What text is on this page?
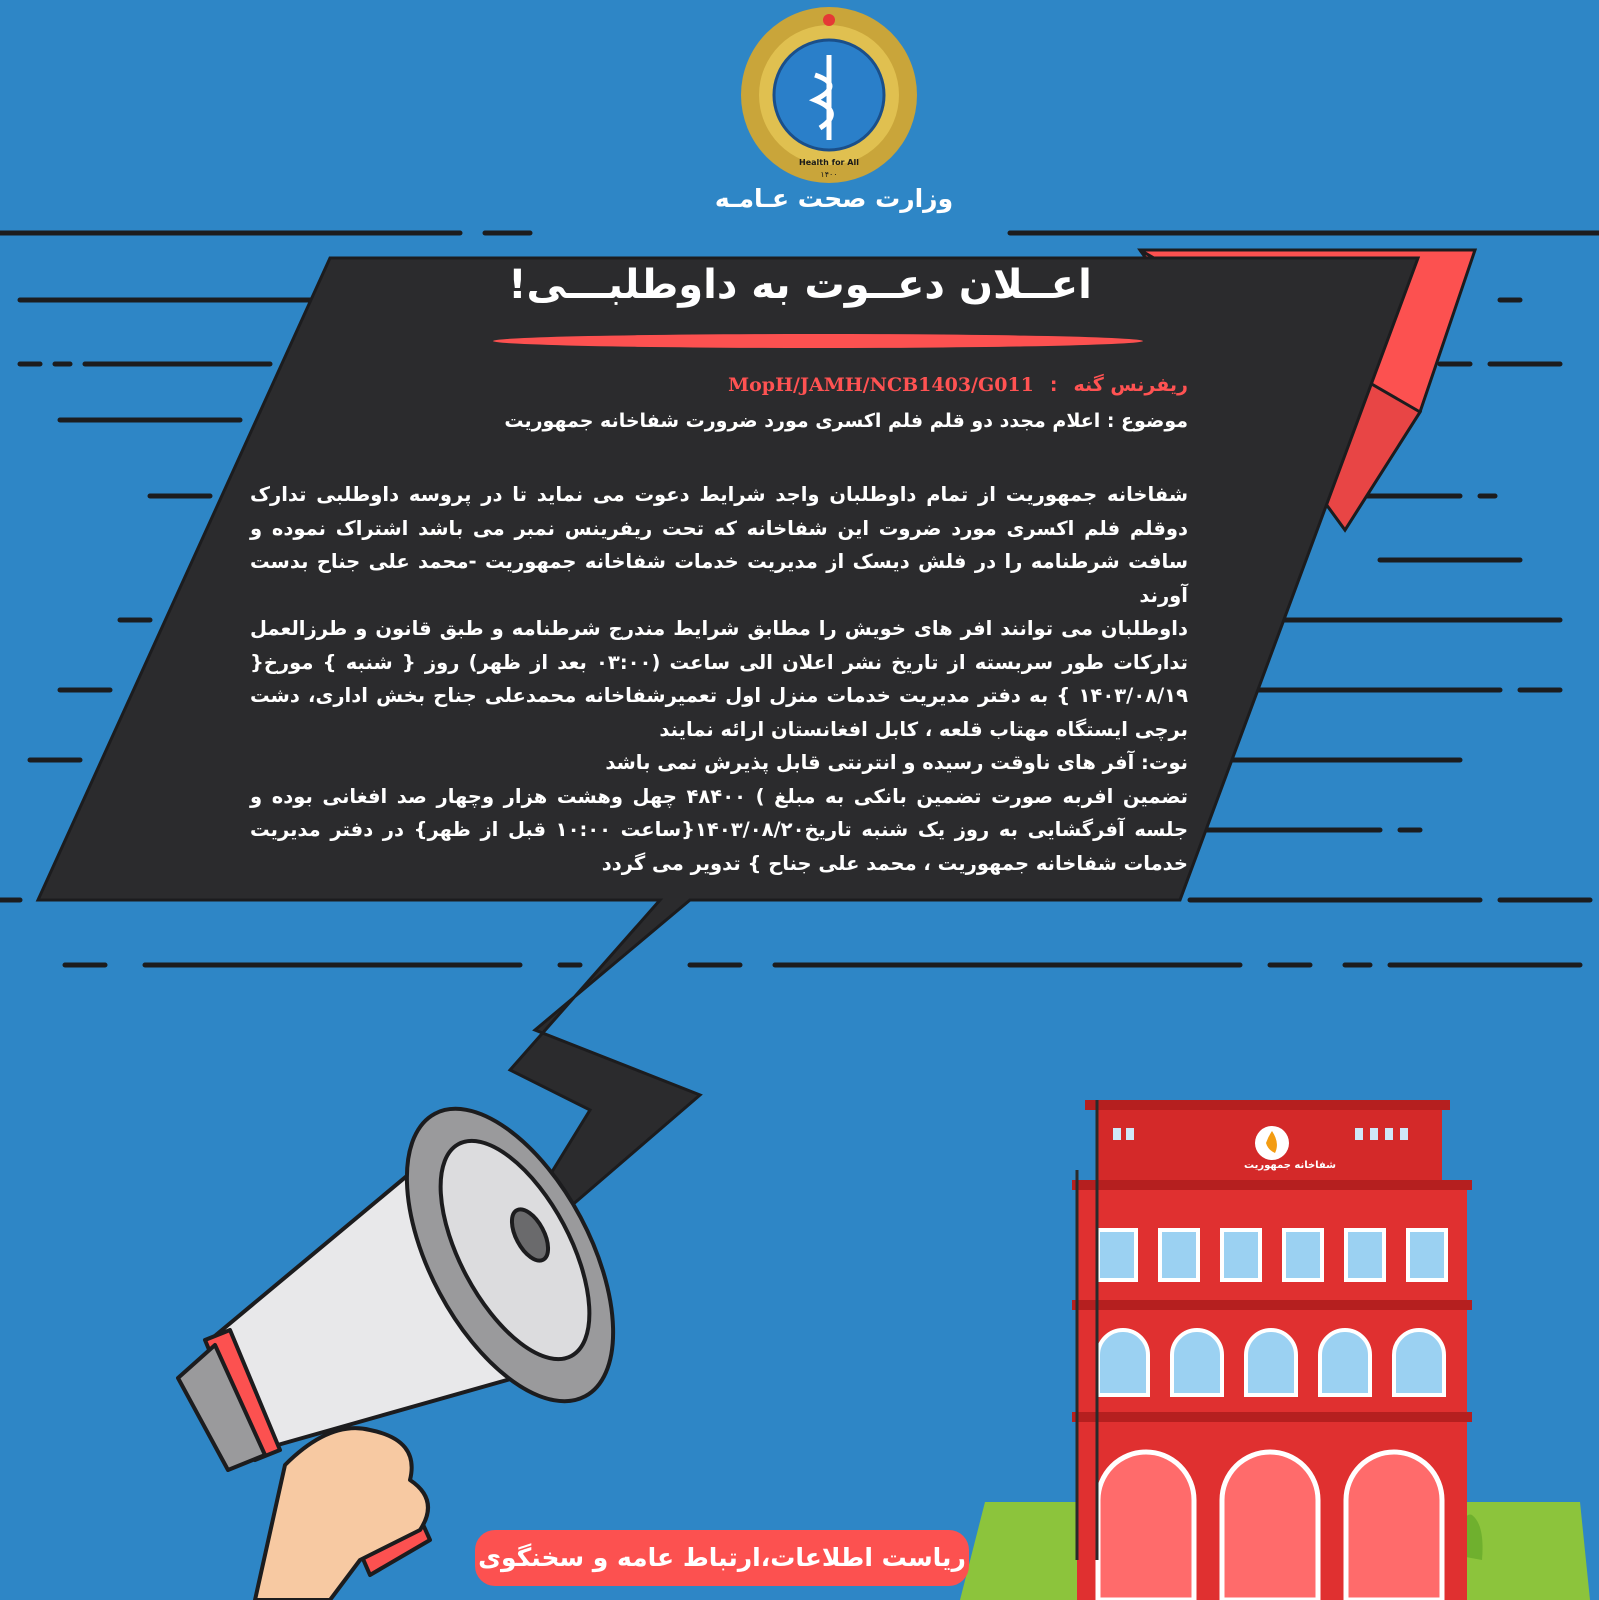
Health for All
۱۴۰۰
وزارت صحت عـامـه
اعــلان دعــوت به داوطلبـــی!
ریفرنس گنه:MopH/JAMH/NCB1403/G011
موضوع : اعلام مجدد دو قلم فلم اکسری مورد ضرورت شفاخانه جمهوریت

شفاخانه جمهوریت از تمام داوطلبان واجد شرایط دعوت می نماید تا در پروسه داوطلبی تدارک دوقلم فلم اکسری مورد ضروت این شفاخانه که تحت ریفرینس نمبر می باشد اشتراک نموده و سافت شرطنامه را در فلش دیسک از مدیریت خدمات شفاخانه جمهوریت -محمد علی جناح بدست آورند

داوطلبان می توانند افر های خویش را مطابق شرایط مندرج شرطنامه و طبق قانون و طرزالعمل تدارکات طور سربسته از تاریخ نشر اعلان الی ساعت (۰۳:۰۰ بعد از ظهر) روز { شنبه } مورخ{ ۱۴۰۳/۰۸/۱۹ } به دفتر مدیریت خدمات منزل اول تعمیرشفاخانه محمدعلی جناح بخش اداری، دشت برچی ایستگاه مهتاب قلعه ، کابل افغانستان ارائه نمایند

نوت: آفر های ناوقت رسیده و انترنتی قابل پذیرش نمی باشد

تضمین افربه صورت تضمین بانکی به مبلغ ) ۴۸۴۰۰ چهل وهشت هزار وچهار صد افغانی بوده و جلسه آفرگشایی به روز یک شنبه تاریخ۱۴۰۳/۰۸/۲۰{ساعت ۱۰:۰۰ قبل از ظهر} در دفتر مدیریت خدمات شفاخانه جمهوریت ، محمد علی جناح } تدویر می گردد

شفاخانه جمهوریت
ریاست اطلاعات،ارتباط عامه و سخنگوی
